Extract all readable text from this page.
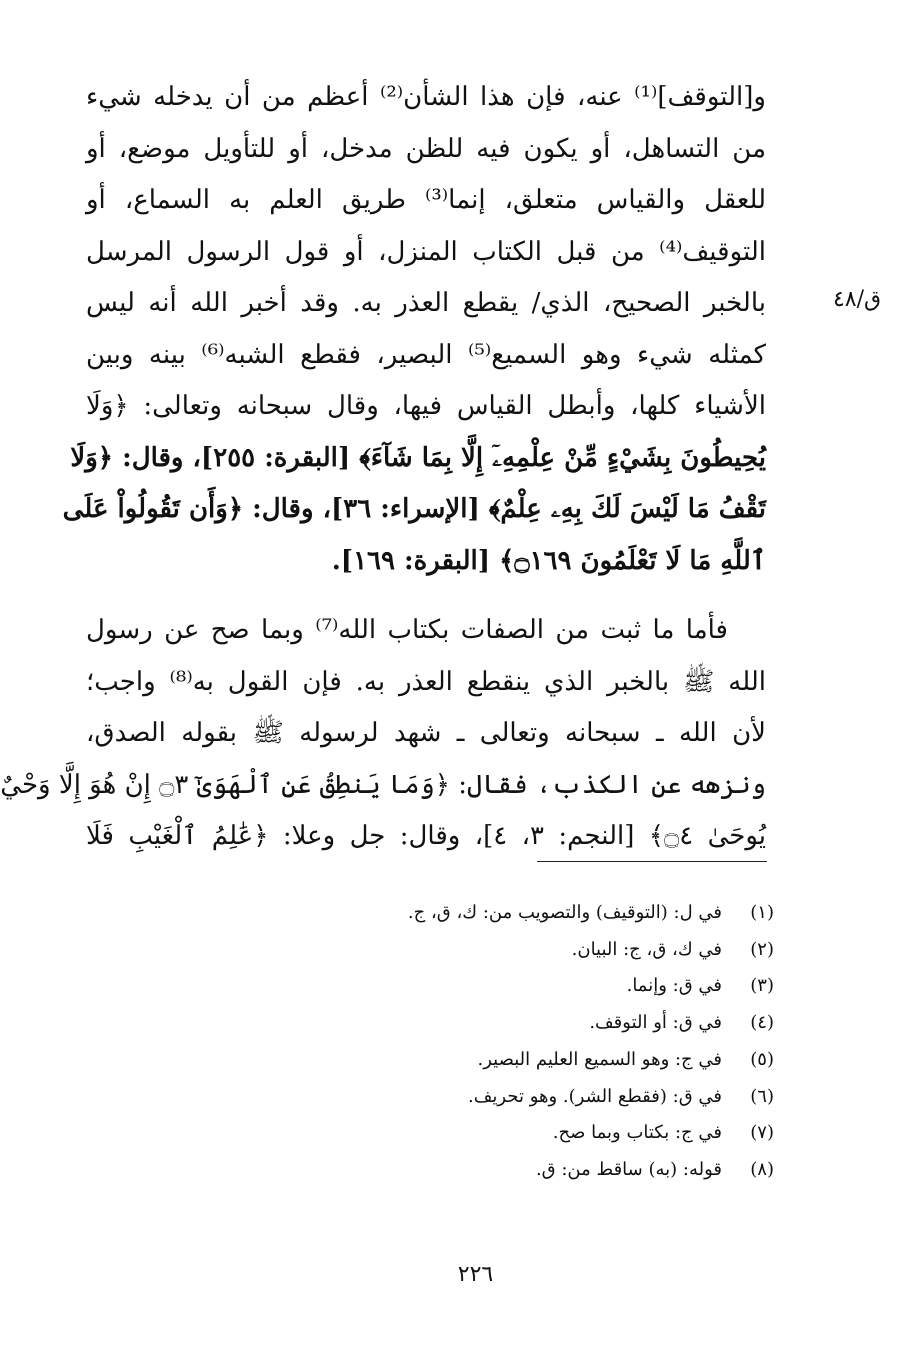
ق/٤٨
و[التوقف]⁽¹⁾ عنه، فإن هذا الشأن⁽²⁾ أعظم من أن يدخله شيء
من التساهل، أو يكون فيه للظن مدخل، أو للتأويل موضع، أو
للعقل والقياس متعلق، إنما⁽³⁾ طريق العلم به السماع، أو
التوقيف⁽⁴⁾ من قبل الكتاب المنزل، أو قول الرسول المرسل
بالخبر الصحيح، الذي/ يقطع العذر به. وقد أخبر الله أنه ليس
كمثله شيء وهو السميع⁽⁵⁾ البصير، فقطع الشبه⁽⁶⁾ بينه وبين
الأشياء كلها، وأبطل القياس فيها، وقال سبحانه وتعالى: ﴿وَلَا
يُحِيطُونَ بِشَيْءٍ مِّنْ عِلْمِهِۦٓ إِلَّا بِمَا شَآءَ﴾ [البقرة: ٢٥٥]، وقال: ﴿وَلَا
تَقْفُ مَا لَيْسَ لَكَ بِهِۦ عِلْمٌ﴾ [الإسراء: ٣٦]، وقال: ﴿وَأَن تَقُولُواْ عَلَى
ٱللَّهِ مَا لَا تَعْلَمُونَ ۝١٦٩﴾ [البقرة: ١٦٩].
فأما ما ثبت من الصفات بكتاب الله⁽⁷⁾ وبما صح عن رسول
الله ﷺ بالخبر الذي ينقطع العذر به. فإن القول به⁽⁸⁾ واجب؛
لأن الله ـ سبحانه وتعالى ـ شهد لرسوله ﷺ بقوله الصدق،
ونزهه عن الكذب، فقال: ﴿وَمَا يَنطِقُ عَنِ ٱلْهَوَىٰٓ ۝٣ إِنْ هُوَ إِلَّا وَحْيٌ
يُوحَىٰ ۝٤﴾ [النجم: ٣، ٤]، وقال: جل وعلا: ﴿عَٰلِمُ ٱلْغَيْبِ فَلَا
(١)
في ل: (التوقيف) والتصويب من: ك، ق، ج.
(٢)
في ك، ق، ج: البيان.
(٣)
في ق: وإنما.
(٤)
في ق: أو التوقف.
(٥)
في ج: وهو السميع العليم البصير.
(٦)
في ق: (فقطع الشر). وهو تحريف.
(٧)
في ج: بكتاب وبما صح.
(٨)
قوله: (به) ساقط من: ق.
٢٢٦
